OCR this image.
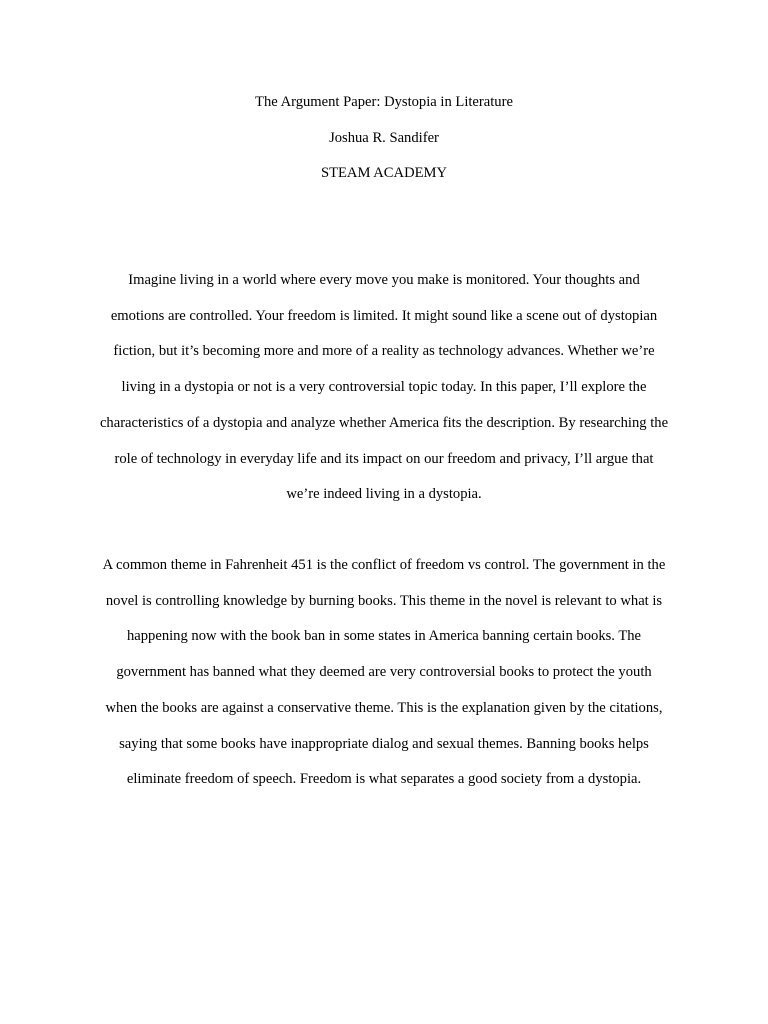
The Argument Paper: Dystopia in Literature

Joshua R. Sandifer

STEAM ACADEMY

Imagine living in a world where every move you make is monitored. Your thoughts and
emotions are controlled. Your freedom is limited. It might sound like a scene out of dystopian
fiction, but it’s becoming more and more of a reality as technology advances. Whether we’re
living in a dystopia or not is a very controversial topic today. In this paper, I’ll explore the
characteristics of a dystopia and analyze whether America fits the description. By researching the
role of technology in everyday life and its impact on our freedom and privacy, I’ll argue that
we’re indeed living in a dystopia.
A common theme in Fahrenheit 451 is the conflict of freedom vs control. The government in the
novel is controlling knowledge by burning books. This theme in the novel is relevant to what is
happening now with the book ban in some states in America banning certain books. The
government has banned what they deemed are very controversial books to protect the youth
when the books are against a conservative theme. This is the explanation given by the citations,
saying that some books have inappropriate dialog and sexual themes. Banning books helps
eliminate freedom of speech. Freedom is what separates a good society from a dystopia.
